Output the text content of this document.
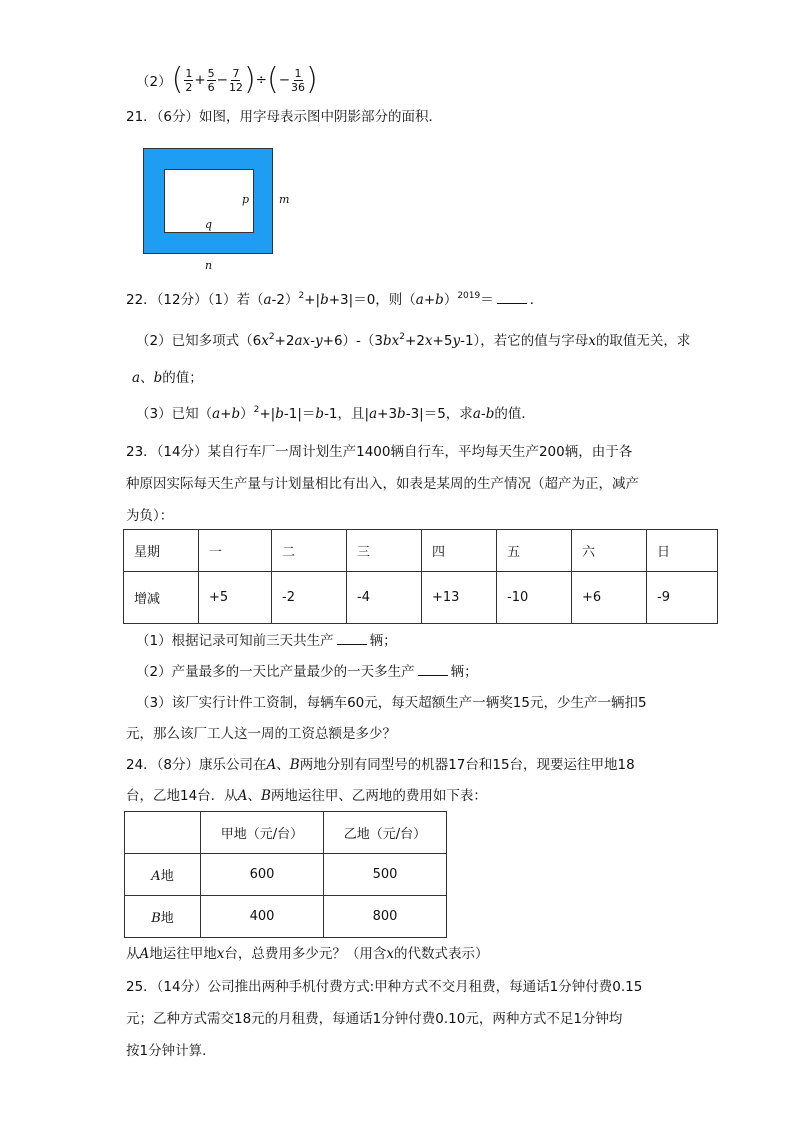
（2） ( $\frac{1}{2} + \frac{5}{6} - \frac{7}{12}$ ) ÷ ( − $\frac{1}{36}$ )
21．（6分）如图，用字母表示图中阴影部分的面积．
p
q
m
n
22．（12分）（1）若$(a-2)^2+|b+3|=0$，则$(a+b)^{2019}=$	．
（2）已知多项式$(6x^2+2ax-y+6)-(3bx^2+2x+5y-1)$，若它的值与字母x的取值无关，求
a、b的值；
（3）已知$(a+b)^2+|b-1|=b-1$，且|a+3b-3|＝5，求a-b的值．
23．（14分）某自行车厂一周计划生产1400辆自行车，平均每天生产200辆，由于各
种原因实际每天生产量与计划量相比有出入，如表是某周的生产情况（超产为正，减产
为负）：
星期	一	二	三	四	五	六	日
增减	+5	-2	-4	+13	-10	+6	-9
（1）根据记录可知前三天共生产	辆；
（2）产量最多的一天比产量最少的一天多生产	辆；
（3）该厂实行计件工资制，每辆车60元，每天超额生产一辆奖15元，少生产一辆扣5
元，那么该厂工人这一周的工资总额是多少？
24．（8分）康乐公司在A、B两地分别有同型号的机器17台和15台，现要运往甲地18
台，乙地14台．从A、B两地运往甲、乙两地的费用如下表：
	甲地（元/台）	乙地（元/台）
A地	600	500
B地	400	800
从A地运往甲地x台，总费用多少元？（用含x的代数式表示）
25．（14分）公司推出两种手机付费方式:甲种方式不交月租费，每通话1分钟付费0.15
元；乙种方式需交18元的月租费，每通话1分钟付费0.10元，两种方式不足1分钟均
按1分钟计算．
